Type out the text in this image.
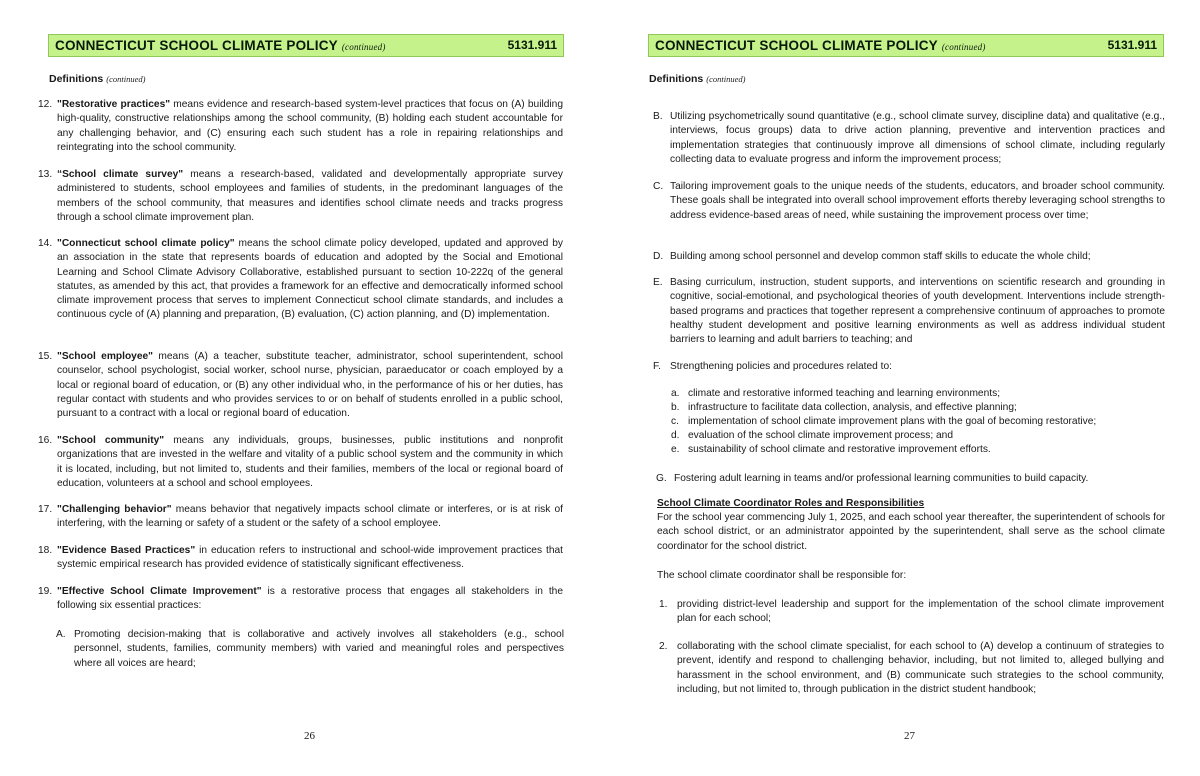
CONNECTICUT SCHOOL CLIMATE POLICY (continued)	5131.911
Definitions (continued)
12. "Restorative practices" means evidence and research-based system-level practices that focus on (A) building high-quality, constructive relationships among the school community, (B) holding each student accountable for any challenging behavior, and (C) ensuring each such student has a role in repairing relationships and reintegrating into the school community.
13. “School climate survey" means a research-based, validated and developmentally appropriate survey administered to students, school employees and families of students, in the predominant languages of the members of the school community, that measures and identifies school climate needs and tracks progress through a school climate improvement plan.
14. "Connecticut school climate policy" means the school climate policy developed, updated and approved by an association in the state that represents boards of education and adopted by the Social and Emotional Learning and School Climate Advisory Collaborative, established pursuant to section 10-222q of the general statutes, as amended by this act, that provides a framework for an effective and democratically informed school climate improvement process that serves to implement Connecticut school climate standards, and includes a continuous cycle of (A) planning and preparation, (B) evaluation, (C) action planning, and (D) implementation.
15. "School employee" means (A) a teacher, substitute teacher, administrator, school superintendent, school counselor, school psychologist, social worker, school nurse, physician, paraeducator or coach employed by a local or regional board of education, or (B) any other individual who, in the performance of his or her duties, has regular contact with students and who provides services to or on behalf of students enrolled in a public school, pursuant to a contract with a local or regional board of education.
16. "School community" means any individuals, groups, businesses, public institutions and nonprofit organizations that are invested in the welfare and vitality of a public school system and the community in which it is located, including, but not limited to, students and their families, members of the local or regional board of education, volunteers at a school and school employees.
17. "Challenging behavior" means behavior that negatively impacts school climate or interferes, or is at risk of interfering, with the learning or safety of a student or the safety of a school employee.
18. "Evidence Based Practices" in education refers to instructional and school-wide improvement practices that systemic empirical research has provided evidence of statistically significant effectiveness.
19. "Effective School Climate Improvement" is a restorative process that engages all stakeholders in the following six essential practices:
A. Promoting decision-making that is collaborative and actively involves all stakeholders (e.g., school personnel, students, families, community members) with varied and meaningful roles and perspectives where all voices are heard;
26
CONNECTICUT SCHOOL CLIMATE POLICY (continued)	5131.911
Definitions (continued)
B. Utilizing psychometrically sound quantitative (e.g., school climate survey, discipline data) and qualitative (e.g., interviews, focus groups) data to drive action planning, preventive and intervention practices and implementation strategies that continuously improve all dimensions of school climate, including regularly collecting data to evaluate progress and inform the improvement process;
C. Tailoring improvement goals to the unique needs of the students, educators, and broader school community. These goals shall be integrated into overall school improvement efforts thereby leveraging school strengths to address evidence-based areas of need, while sustaining the improvement process over time;
D. Building among school personnel and develop common staff skills to educate the whole child;
E. Basing curriculum, instruction, student supports, and interventions on scientific research and grounding in cognitive, social-emotional, and psychological theories of youth development. Interventions include strength-based programs and practices that together represent a comprehensive continuum of approaches to promote healthy student development and positive learning environments as well as address individual student barriers to learning and adult barriers to teaching; and
F. Strengthening policies and procedures related to:
a. climate and restorative informed teaching and learning environments;
b. infrastructure to facilitate data collection, analysis, and effective planning;
c. implementation of school climate improvement plans with the goal of becoming restorative;
d. evaluation of the school climate improvement process; and
e. sustainability of school climate and restorative improvement efforts.
G. Fostering adult learning in teams and/or professional learning communities to build capacity.
1. providing district-level leadership and support for the implementation of the school climate improvement plan for each school;
2. collaborating with the school climate specialist, for each school to (A) develop a continuum of strategies to prevent, identify and respond to challenging behavior, including, but not limited to, alleged bullying and harassment in the school environment, and (B) communicate such strategies to the school community, including, but not limited to, through publication in the district student handbook;
School Climate Coordinator Roles and Responsibilities
For the school year commencing July 1, 2025, and each school year thereafter, the superintendent of schools for each school district, or an administrator appointed by the superintendent, shall serve as the school climate coordinator for the school district.
The school climate coordinator shall be responsible for:
27
